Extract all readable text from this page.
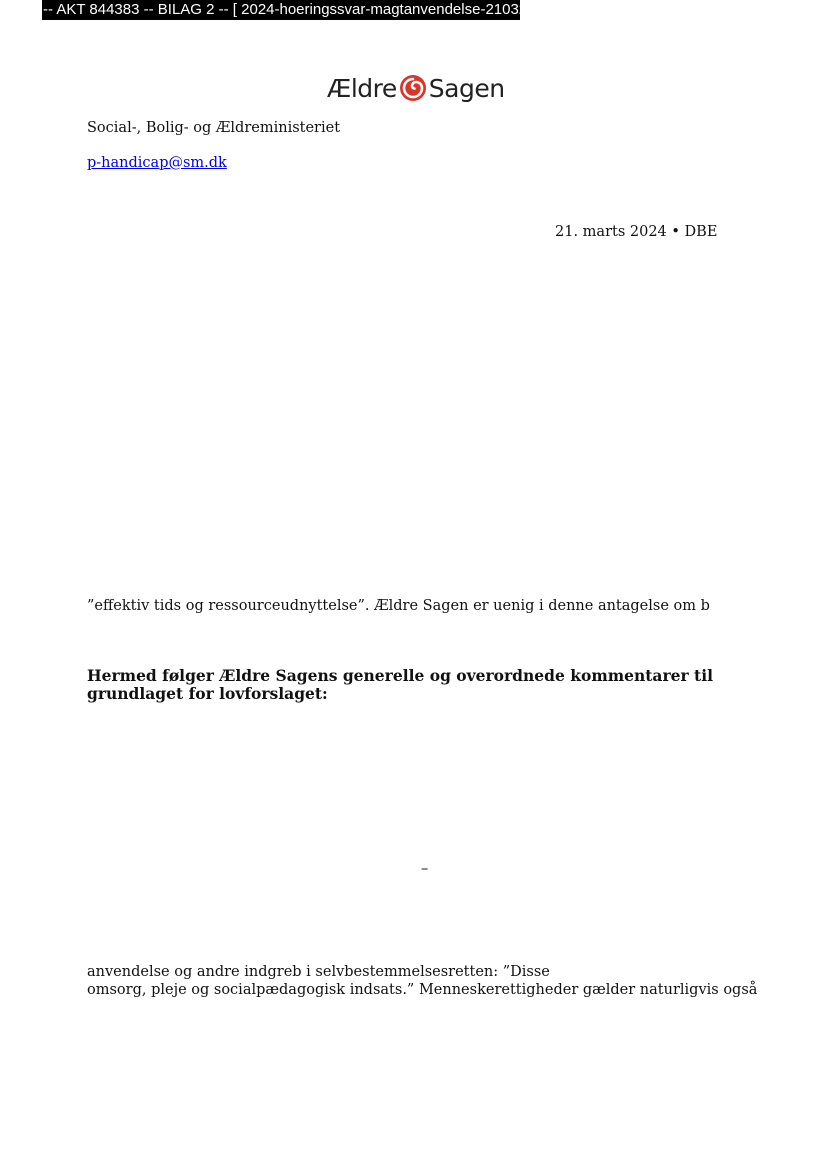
-- AKT 844383 -- BILAG 2 -- [ 2024-hoeringssvar-magtanvendelse-210324 ] --
Ældre Sagen
Social-, Bolig- og Ældreministeriet
p-handicap@sm.dk
21. marts 2024 • DBE
”effektiv tids og ressourceudnyttelse”. Ældre Sagen er uenig i denne antagelse om b
Hermed følger Ældre Sagens generelle og overordnede kommentarer til
grundlaget for lovforslaget:
–
anvendelse og andre indgreb i selvbestemmelsesretten: ”Disse
omsorg, pleje og socialpædagogisk indsats.” Menneskerettigheder gælder naturligvis også
